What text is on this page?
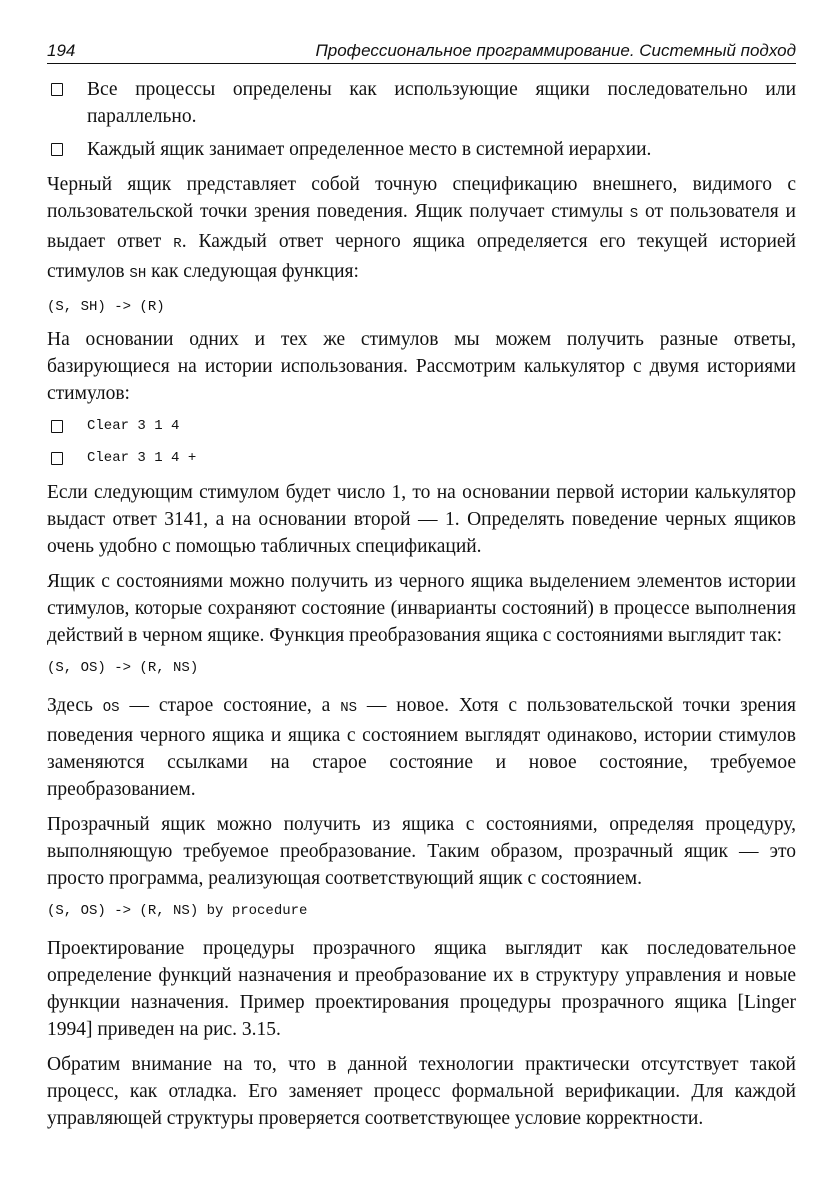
194	Профессиональное программирование. Системный подход
Все процессы определены как использующие ящики последовательно или параллельно.
Каждый ящик занимает определенное место в системной иерархии.

Черный ящик представляет собой точную спецификацию внешнего, видимого с пользовательской точки зрения поведения. Ящик получает стимулы S от пользователя и выдает ответ R. Каждый ответ черного ящика определяется его текущей историей стимулов SH как следующая функция:

(S, SH) -> (R)

На основании одних и тех же стимулов мы можем получить разные ответы, базирующиеся на истории использования. Рассмотрим калькулятор с двумя историями стимулов:

Clear 3 1 4
Clear 3 1 4 +

Если следующим стимулом будет число 1, то на основании первой истории калькулятор выдаст ответ 3141, а на основании второй — 1. Определять поведение черных ящиков очень удобно с помощью табличных спецификаций.

Ящик с состояниями можно получить из черного ящика выделением элементов истории стимулов, которые сохраняют состояние (инварианты состояний) в процессе выполнения действий в черном ящике. Функция преобразования ящика с состояниями выглядит так:

(S, OS) -> (R, NS)

Здесь OS — старое состояние, а NS — новое. Хотя с пользовательской точки зрения поведения черного ящика и ящика с состоянием выглядят одинаково, истории стимулов заменяются ссылками на старое состояние и новое состояние, требуемое преобразованием.

Прозрачный ящик можно получить из ящика с состояниями, определяя процедуру, выполняющую требуемое преобразование. Таким образом, прозрачный ящик — это просто программа, реализующая соответствующий ящик с состоянием.

(S, OS) -> (R, NS) by procedure

Проектирование процедуры прозрачного ящика выглядит как последовательное определение функций назначения и преобразование их в структуру управления и новые функции назначения. Пример проектирования процедуры прозрачного ящика [Linger 1994] приведен на рис. 3.15.

Обратим внимание на то, что в данной технологии практически отсутствует такой процесс, как отладка. Его заменяет процесс формальной верификации. Для каждой управляющей структуры проверяется соответствующее условие корректности.
